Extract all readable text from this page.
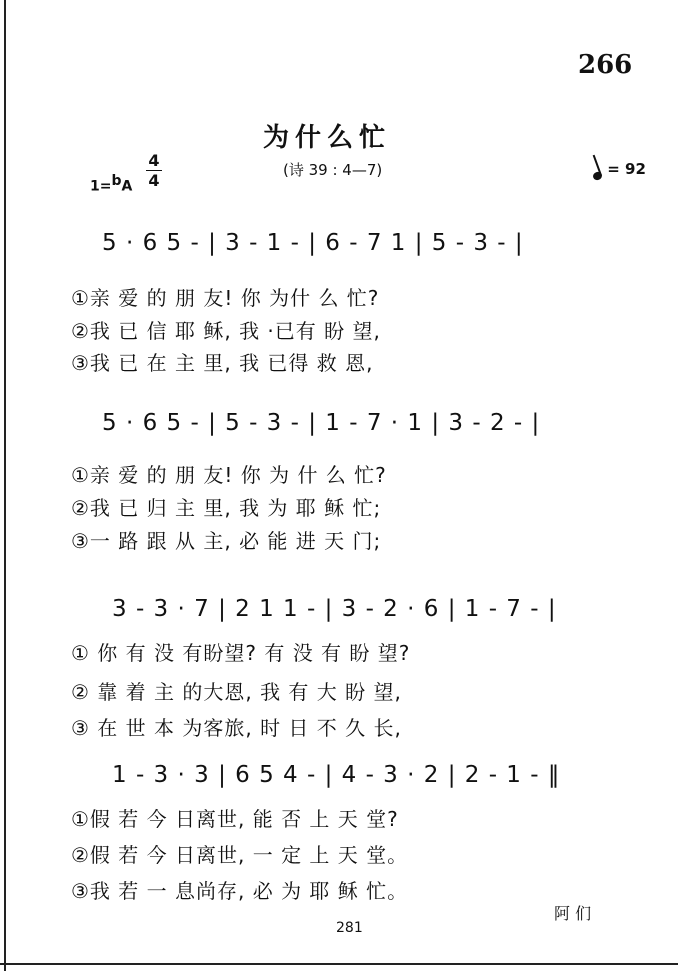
266
为什么忙
(诗 39 : 4—7)
1=bA
4
4
= 92
5 · 6 5 - | 3 - 1 - | 6 - 7 1 | 5 - 3 - |
①亲 爱 的 朋 友! 你 为什 么 忙?
②我 已 信 耶 稣, 我 ·已有 盼 望,
③我 已 在 主 里, 我 已得 救 恩,
5 · 6 5 - | 5 - 3 - | 1 - 7 · 1 | 3 - 2 - |
①亲 爱 的 朋 友! 你 为 什 么 忙?
②我 已 归 主 里, 我 为 耶 稣 忙;
③一 路 跟 从 主, 必 能 进 天 门;
3 - 3 · 7 | 2 1 1 - | 3 - 2 · 6 | 1 - 7 - |
① 你 有 没 有盼望? 有 没 有 盼 望?
② 靠 着 主 的大恩, 我 有 大 盼 望,
③ 在 世 本 为客旅, 时 日 不 久 长,
1 - 3 · 3 | 6 5 4 - | 4 - 3 · 2 | 2 - 1 - ‖
①假 若 今 日离世, 能 否 上 天 堂?
②假 若 今 日离世, 一 定 上 天 堂。
③我 若 一 息尚存, 必 为 耶 稣 忙。
阿 们
281
